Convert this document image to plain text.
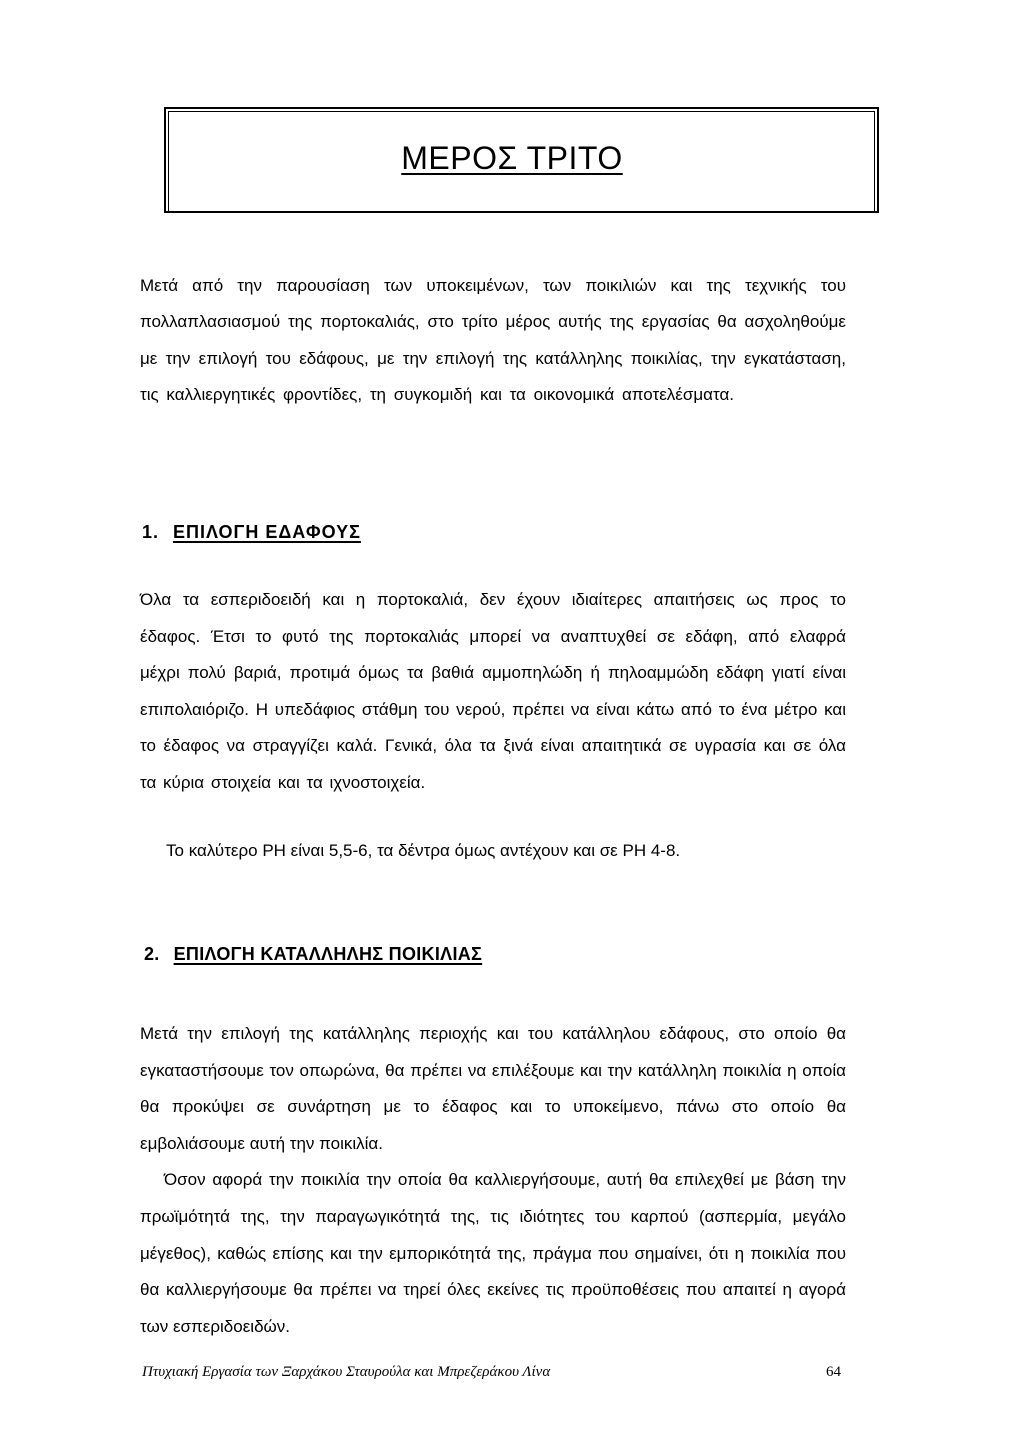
ΜΕΡΟΣ ΤΡΙΤΟ

Μετά από την παρουσίαση των υποκειμένων, των ποικιλιών και της τεχνικής του πολλαπλασιασμού της πορτοκαλιάς, στο τρίτο μέρος αυτής της εργασίας θα ασχοληθούμε με την επιλογή του εδάφους, με την επιλογή της κατάλληλης ποικιλίας, την εγκατάσταση, τις καλλιεργητικές φροντίδες, τη συγκομιδή και τα οικονομικά αποτελέσματα.

1. ΕΠΙΛΟΓΗ ΕΔΑΦΟΥΣ

Όλα τα εσπεριδοειδή και η πορτοκαλιά, δεν έχουν ιδιαίτερες απαιτήσεις ως προς το έδαφος. Έτσι το φυτό της πορτοκαλιάς μπορεί να αναπτυχθεί σε εδάφη, από ελαφρά μέχρι πολύ βαριά, προτιμά όμως τα βαθιά αμμοπηλώδη ή πηλοαμμώδη εδάφη γιατί είναι επιπολαιόριζο. Η υπεδάφιος στάθμη του νερού, πρέπει να είναι κάτω από το ένα μέτρο και το έδαφος να στραγγίζει καλά. Γενικά, όλα τα ξινά είναι απαιτητικά σε υγρασία και σε όλα τα κύρια στοιχεία και τα ιχνοστοιχεία.

Το καλύτερο PH είναι 5,5-6, τα δέντρα όμως αντέχουν και σε PH 4-8.

2. ΕΠΙΛΟΓΗ ΚΑΤΑΛΛΗΛΗΣ ΠΟΙΚΙΛΙΑΣ

Μετά την επιλογή της κατάλληλης περιοχής και του κατάλληλου εδάφους, στο οποίο θα εγκαταστήσουμε τον οπωρώνα, θα πρέπει να επιλέξουμε και την κατάλληλη ποικιλία η οποία θα προκύψει σε συνάρτηση με το έδαφος και το υποκείμενο, πάνω στο οποίο θα εμβολιάσουμε αυτή την ποικιλία.

Όσον αφορά την ποικιλία την οποία θα καλλιεργήσουμε, αυτή θα επιλεχθεί με βάση την πρωϊμότητά της, την παραγωγικότητά της, τις ιδιότητες του καρπού (ασπερμία, μεγάλο μέγεθος), καθώς επίσης και την εμπορικότητά της, πράγμα που σημαίνει, ότι η ποικιλία που θα καλλιεργήσουμε θα πρέπει να τηρεί όλες εκείνες τις προϋποθέσεις που απαιτεί η αγορά των εσπεριδοειδών.

Πτυχιακή Εργασία των Ξαρχάκου Σταυρούλα και Μπρεζεράκου Λίνα	64
